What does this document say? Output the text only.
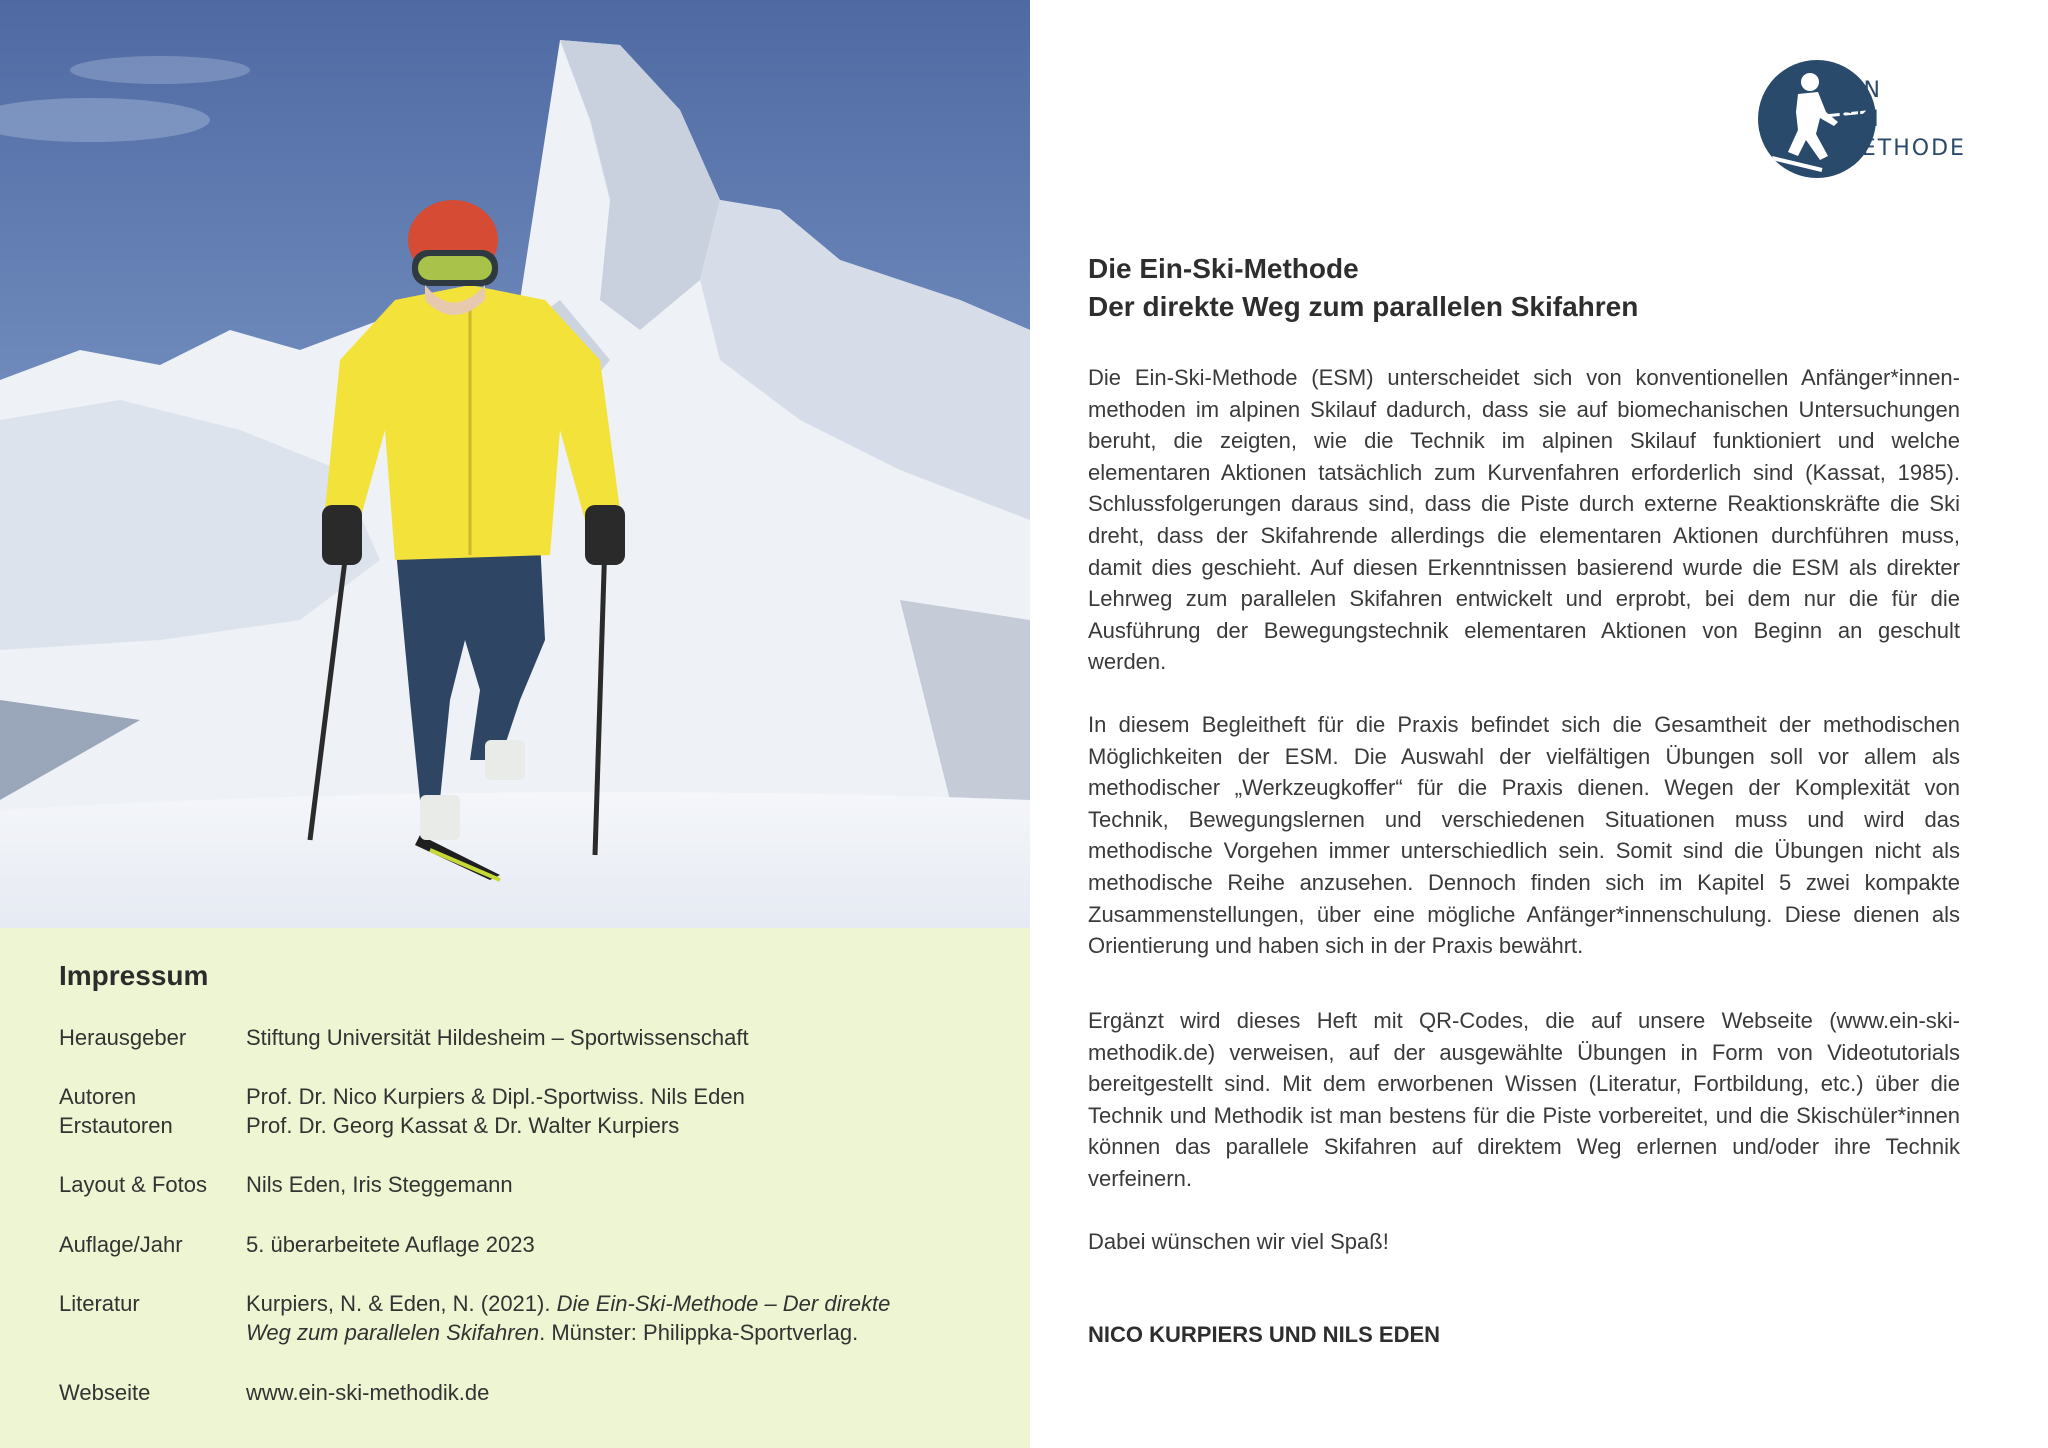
Impressum
Herausgeber	Stiftung Universität Hildesheim – Sportwissenschaft
Autoren	Prof. Dr. Nico Kurpiers & Dipl.-Sportwiss. Nils Eden
Erstautoren	Prof. Dr. Georg Kassat & Dr. Walter Kurpiers
Layout & Fotos	Nils Eden, Iris Steggemann
Auflage/Jahr	5. überarbeitete Auflage 2023
Literatur	Kurpiers, N. & Eden, N. (2021). Die Ein-Ski-Methode – Der direkte
Weg zum parallelen Skifahren. Münster: Philippka-Sportverlag.
Webseite	www.ein-ski-methodik.de
EIN
SKI
METHODE
Die Ein-Ski-Methode
Der direkte Weg zum parallelen Skifahren

Die Ein-Ski-Methode (ESM) unterscheidet sich von konventionellen Anfänger*innen-methoden im alpinen Skilauf dadurch, dass sie auf biomechanischen Untersuchungen beruht, die zeigten, wie die Technik im alpinen Skilauf funktioniert und welche elementaren Aktionen tatsächlich zum Kurvenfahren erforderlich sind (Kassat, 1985). Schlussfolgerungen daraus sind, dass die Piste durch externe Reaktionskräfte die Ski dreht, dass der Skifahrende allerdings die elementaren Aktionen durchführen muss, damit dies geschieht. Auf diesen Erkenntnissen basierend wurde die ESM als direkter Lehrweg zum parallelen Skifahren entwickelt und erprobt, bei dem nur die für die Ausführung der Bewegungstechnik elementaren Aktionen von Beginn an geschult werden.

In diesem Begleitheft für die Praxis befindet sich die Gesamtheit der methodischen Möglichkeiten der ESM. Die Auswahl der vielfältigen Übungen soll vor allem als methodischer „Werkzeugkoffer“ für die Praxis dienen. Wegen der Komplexität von Technik, Bewegungslernen und verschiedenen Situationen muss und wird das methodische Vorgehen immer unterschiedlich sein. Somit sind die Übungen nicht als methodische Reihe anzusehen. Dennoch finden sich im Kapitel 5 zwei kompakte Zusammenstellungen, über eine mögliche Anfänger*innenschulung. Diese dienen als Orientierung und haben sich in der Praxis bewährt.

Ergänzt wird dieses Heft mit QR-Codes, die auf unsere Webseite (www.ein-ski-methodik.de) verweisen, auf der ausgewählte Übungen in Form von Videotutorials bereitgestellt sind. Mit dem erworbenen Wissen (Literatur, Fortbildung, etc.) über die Technik und Methodik ist man bestens für die Piste vorbereitet, und die Skischüler*innen können das parallele Skifahren auf direktem Weg erlernen und/oder ihre Technik verfeinern.

Dabei wünschen wir viel Spaß!

NICO KURPIERS UND NILS EDEN
